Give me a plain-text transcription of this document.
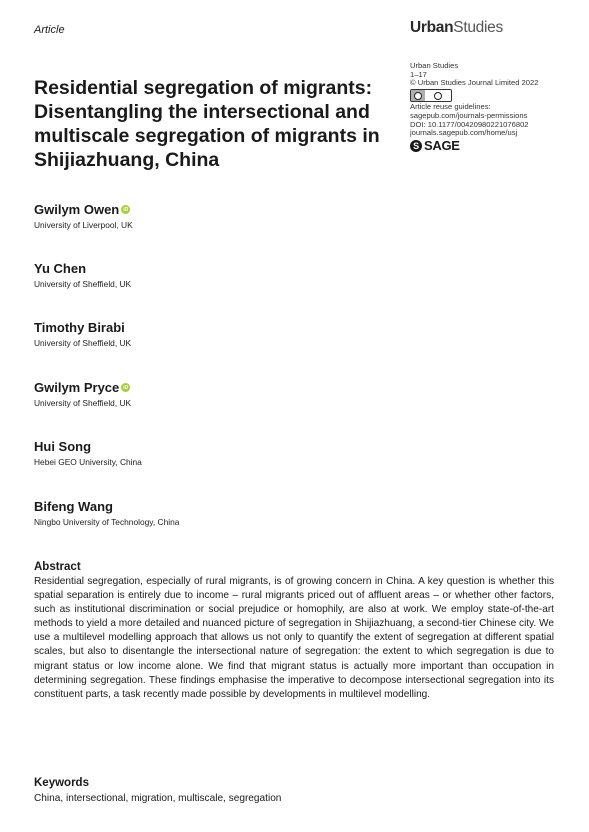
Article	UrbanStudies
Residential segregation of migrants: Disentangling the intersectional and multiscale segregation of migrants in Shijiazhuang, China
Urban Studies
1–17
© Urban Studies Journal Limited 2022
Article reuse guidelines:
sagepub.com/journals-permissions
DOI: 10.1177/00420980221076802
journals.sagepub.com/home/usj
S SAGE
Gwilym Owen iD
University of Liverpool, UK
Yu Chen
University of Sheffield, UK
Timothy Birabi
University of Sheffield, UK
Gwilym Pryce iD
University of Sheffield, UK
Hui Song
Hebei GEO University, China
Bifeng Wang
Ningbo University of Technology, China
Abstract
Residential segregation, especially of rural migrants, is of growing concern in China. A key question is whether this spatial separation is entirely due to income – rural migrants priced out of affluent areas – or whether other factors, such as institutional discrimination or social prejudice or homophily, are also at work. We employ state-of-the-art methods to yield a more detailed and nuanced picture of segregation in Shijiazhuang, a second-tier Chinese city. We use a multilevel modelling approach that allows us not only to quantify the extent of segregation at different spatial scales, but also to disentangle the intersectional nature of segregation: the extent to which segregation is due to migrant status or low income alone. We find that migrant status is actually more important than occupation in determining segregation. These findings emphasise the imperative to decompose intersectional segregation into its constituent parts, a task recently made possible by developments in multilevel modelling.
Keywords
China, intersectional, migration, multiscale, segregation
